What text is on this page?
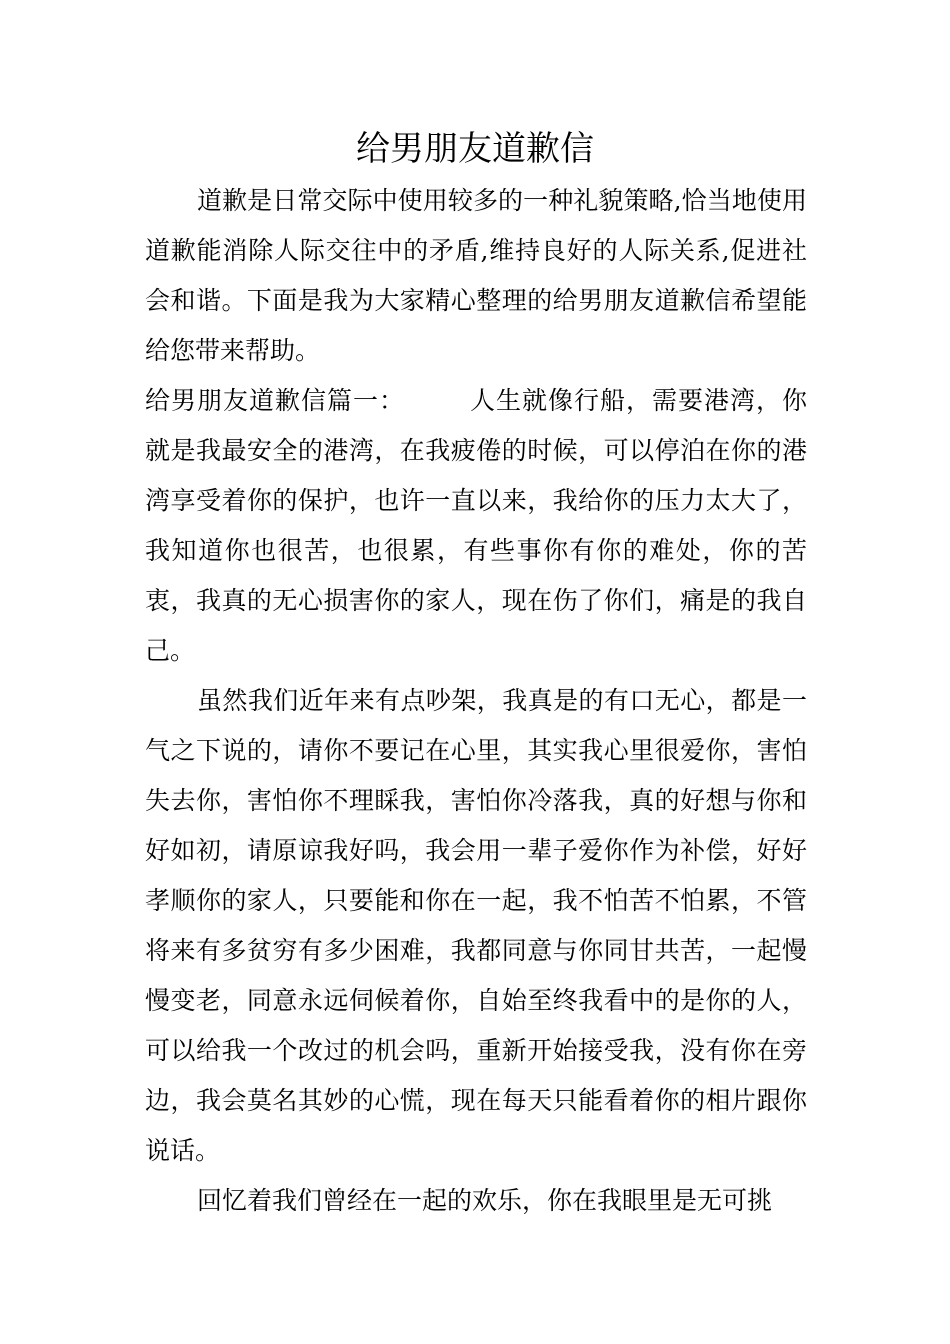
给男朋友道歉信

道歉是日常交际中使用较多的一种礼貌策略,恰当地使用道歉能消除人际交往中的矛盾,维持良好的人际关系,促进社会和谐。下面是我为大家精心整理的给男朋友道歉信希望能给您带来帮助。

给男朋友道歉信篇一：	人生就像行船，需要港湾，你就是我最安全的港湾，在我疲倦的时候，可以停泊在你的港湾享受着你的保护，也许一直以来，我给你的压力太大了，我知道你也很苦，也很累，有些事你有你的难处，你的苦衷，我真的无心损害你的家人，现在伤了你们，痛是的我自己。

虽然我们近年来有点吵架，我真是的有口无心，都是一气之下说的，请你不要记在心里，其实我心里很爱你，害怕失去你，害怕你不理睬我，害怕你冷落我，真的好想与你和好如初，请原谅我好吗，我会用一辈子爱你作为补偿，好好孝顺你的家人，只要能和你在一起，我不怕苦不怕累，不管将来有多贫穷有多少困难，我都同意与你同甘共苦，一起慢慢变老，同意永远伺候着你，自始至终我看中的是你的人，可以给我一个改过的机会吗，重新开始接受我，没有你在旁边，我会莫名其妙的心慌，现在每天只能看着你的相片跟你说话。

回忆着我们曾经在一起的欢乐，你在我眼里是无可挑
